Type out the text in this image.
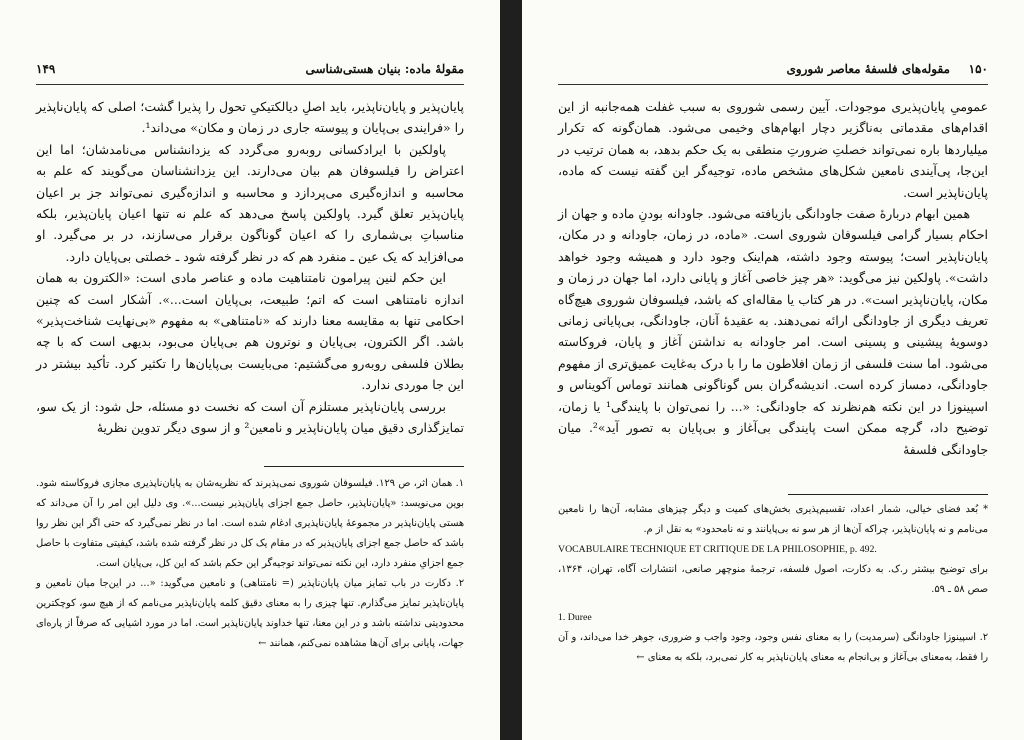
مقولهٔ ماده: بنیان هستی‌شناسی
۱۴۹

پایان‌پذیر و پایان‌ناپذیر، باید اصلِ دیالکتیکیِ تحول را پذیرا گشت؛ اصلی که پایان‌ناپذیر را «فرایندی بی‌پایان و پیوسته جاری در زمان و مکان» می‌داند¹.

پاولکین با ایرادکسانی روبه‌رو می‌گردد که یزدانشناس می‌نامدشان؛ اما این اعتراض را فیلسوفان هم بیان می‌دارند. این یزدانشناسان می‌گویند که علم به محاسبه و اندازه‌گیری می‌پردازد و محاسبه و اندازه‌گیری نمی‌تواند جز بر اعیان پایان‌پذیر تعلق گیرد. پاولکین پاسخ می‌دهد که علم نه تنها اعیان پایان‌پذیر، بلکه مناسباتِ بی‌شماری را که اعیان گوناگون برقرار می‌سازند، در بر می‌گیرد. او می‌افزاید که یک عین ـ منفرد هم که در نظر گرفته شود ـ خصلتی بی‌پایان دارد.

این حکم لنین پیرامون نامتناهیت ماده و عناصر مادی است: «الکترون به همان اندازه نامتناهی است که اتم؛ طبیعت، بی‌پایان است...». آشکار است که چنین احکامی تنها به مقایسه معنا دارند که «نامتناهی» به مفهوم «بی‌نهایت شناخت‌پذیر» باشد. اگر الکترون، بی‌پایان و نوترون هم بی‌پایان می‌بود، بدیهی است که با چه بطلان فلسفی روبه‌رو می‌گشتیم: می‌بایست بی‌پایان‌ها را تکثیر کرد. تأکید بیشتر در این جا موردی ندارد.

بررسی پایان‌ناپذیر مستلزم آن است که نخست دو مسئله، حل شود: از یک سو، تمایزگذاری دقیق میان پایان‌ناپذیر و نامعین² و از سوی دیگر تدوین نظریهٔ

۱. همان اثر، ص ۱۲۹. فیلسوفان شوروی نمی‌پذیرند که نظریه‌شان به پایان‌ناپذیری مجازی فروکاسته شود. بوین می‌نویسد: «پایان‌ناپذیر، حاصل جمع اجزای پایان‌پذیر نیست...». وی دلیل این امر را آن می‌داند که هستی پایان‌ناپذیر در مجموعهٔ پایان‌ناپذیری ادغام شده است. اما در نظر نمی‌گیرد که حتی اگر این نظر روا باشد که حاصل جمع اجزای پایان‌پذیر که در مقام یک کل در نظر گرفته شده باشد، کیفیتی متفاوت با حاصل جمع اجزایِ منفرد دارد، این نکته نمی‌تواند توجیه‌گر این حکم باشد که این کل، بی‌پایان است.

۲. دکارت در باب تمایز میان پایان‌ناپذیر (= نامتناهی) و نامعین می‌گوید: «... در این‌جا میان نامعین و پایان‌ناپذیر تمایز می‌گذارم. تنها چیزی را به معنای دقیق کلمه پایان‌ناپذیر می‌نامم که از هیچ سو، کوچکترین محدودیتی نداشته باشد و در این معنا، تنها خداوند پایان‌ناپذیر است. اما در مورد اشیایی که صرفاً از پاره‌ای جهات، پایانی برای آن‌ها مشاهده نمی‌کنم، همانند ←

۱۵۰
مقوله‌های فلسفهٔ معاصر شوروی

عمومیِ پایان‌پذیری موجودات. آیین رسمی شوروی به سبب غفلت همه‌جانبه از این اقدام‌های مقدماتی به‌ناگزیر دچار ابهام‌های وخیمی می‌شود. همان‌گونه که تکرار میلیاردها باره نمی‌تواند خصلتِ ضرورتِ منطقی به یک حکم بدهد، به همان ترتیب در این‌جا، پی‌آیندی نامعین شکل‌های مشخص ماده، توجیه‌گر این گفته نیست که ماده، پایان‌ناپذیر است.

همین ابهام دربارهٔ صفت جاودانگی بازیافته می‌شود. جاودانه بودنِ ماده و جهان از احکام بسیار گرامی فیلسوفان شوروی است. «ماده، در زمان، جاودانه و در مکان، پایان‌ناپذیر است؛ پیوسته وجود داشته، هم‌اینک وجود دارد و همیشه وجود خواهد داشت». پاولکین نیز می‌گوید: «هر چیز خاصی آغاز و پایانی دارد، اما جهان در زمان و مکان، پایان‌ناپذیر است». در هر کتاب یا مقاله‌ای که باشد، فیلسوفان شوروی هیچ‌گاه تعریف دیگری از جاودانگی ارائه نمی‌دهند. به عقیدهٔ آنان، جاودانگی، بی‌پایانی زمانی دوسویهٔ پیشینی و پسینی است. امر جاودانه به نداشتن آغاز و پایان، فروکاسته می‌شود. اما سنت فلسفی از زمان افلاطون ما را با درک به‌غایت عمیق‌تری از مفهوم جاودانگی، دمساز کرده است. اندیشه‌گران بس گوناگونی همانند توماس آکویناس و اسپینوزا در این نکته هم‌نظرند که جاودانگی: «... را نمی‌توان با پایندگی¹ یا زمان، توضیح داد، گرچه ممکن است پایندگی بی‌آغاز و بی‌پایان به تصور آید»². میان جاودانگی فلسفهٔ

* بُعد فضای خیالی، شمار اعداد، تقسیم‌پذیری بخش‌های کمیت و دیگر چیزهای مشابه، آن‌ها را نامعین می‌نامم و نه پایان‌ناپذیر، چراکه آن‌ها از هر سو نه بی‌پایانند و نه نامحدود» به نقل از م.

VOCABULAIRE TECHNIQUE ET CRITIQUE DE LA PHILOSOPHIE, p. 492.

برای توضیح بیشتر ر.ک. به دکارت، اصول فلسفه، ترجمهٔ منوچهر صانعی، انتشارات آگاه، تهران، ۱۳۶۴، صص ۵۸ ـ ۵۹.

1. Duree

۲. اسپینوزا جاودانگی (سرمدیت) را به معنای نفس وجود، وجود واجب و ضروری، جوهر خدا می‌داند، و آن را فقط، به‌معنای بی‌آغاز و بی‌انجام به معنای پایان‌ناپذیر به کار نمی‌برد، بلکه به معنای ←
